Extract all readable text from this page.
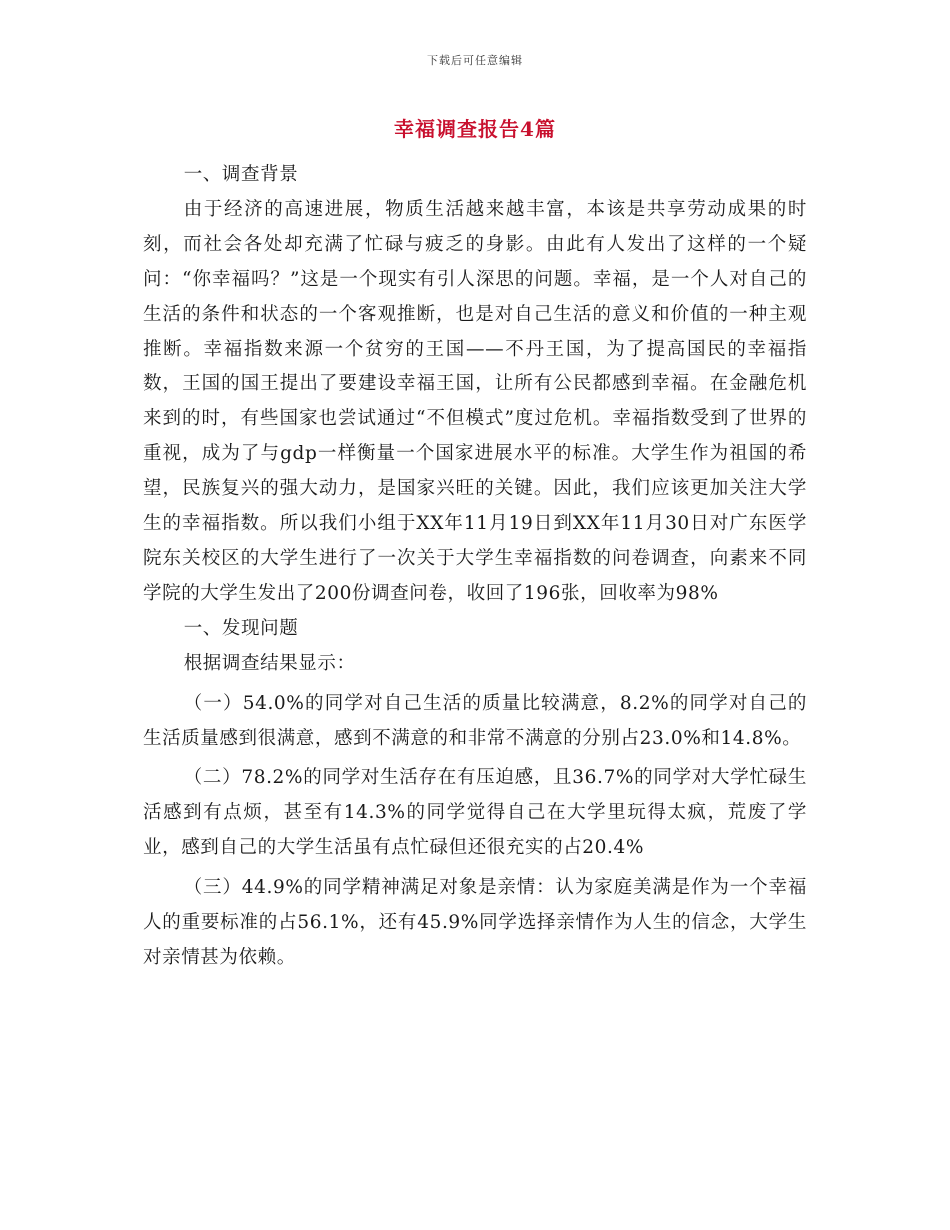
下载后可任意编辑
幸福调查报告4篇

一、调查背景

由于经济的高速进展，物质生活越来越丰富，本该是共享劳动成果的时刻，而社会各处却充满了忙碌与疲乏的身影。由此有人发出了这样的一个疑问：“你幸福吗？”这是一个现实有引人深思的问题。幸福，是一个人对自己的生活的条件和状态的一个客观推断，也是对自己生活的意义和价值的一种主观推断。幸福指数来源一个贫穷的王国——不丹王国，为了提高国民的幸福指数，王国的国王提出了要建设幸福王国，让所有公民都感到幸福。在金融危机来到的时，有些国家也尝试通过“不但模式”度过危机。幸福指数受到了世界的重视，成为了与gdp一样衡量一个国家进展水平的标准。大学生作为祖国的希望，民族复兴的强大动力，是国家兴旺的关键。因此，我们应该更加关注大学生的幸福指数。所以我们小组于XX年11月19日到XX年11月30日对广东医学院东关校区的大学生进行了一次关于大学生幸福指数的问卷调查，向素来不同学院的大学生发出了200份调查问卷，收回了196张，回收率为98%

一、发现问题

根据调查结果显示：

（一）54.0%的同学对自己生活的质量比较满意，8.2%的同学对自己的生活质量感到很满意，感到不满意的和非常不满意的分别占23.0%和14.8%。

（二）78.2%的同学对生活存在有压迫感，且36.7%的同学对大学忙碌生活感到有点烦，甚至有14.3%的同学觉得自己在大学里玩得太疯，荒废了学业，感到自己的大学生活虽有点忙碌但还很充实的占20.4%

（三）44.9%的同学精神满足对象是亲情：认为家庭美满是作为一个幸福人的重要标准的占56.1%，还有45.9%同学选择亲情作为人生的信念，大学生对亲情甚为依赖。
